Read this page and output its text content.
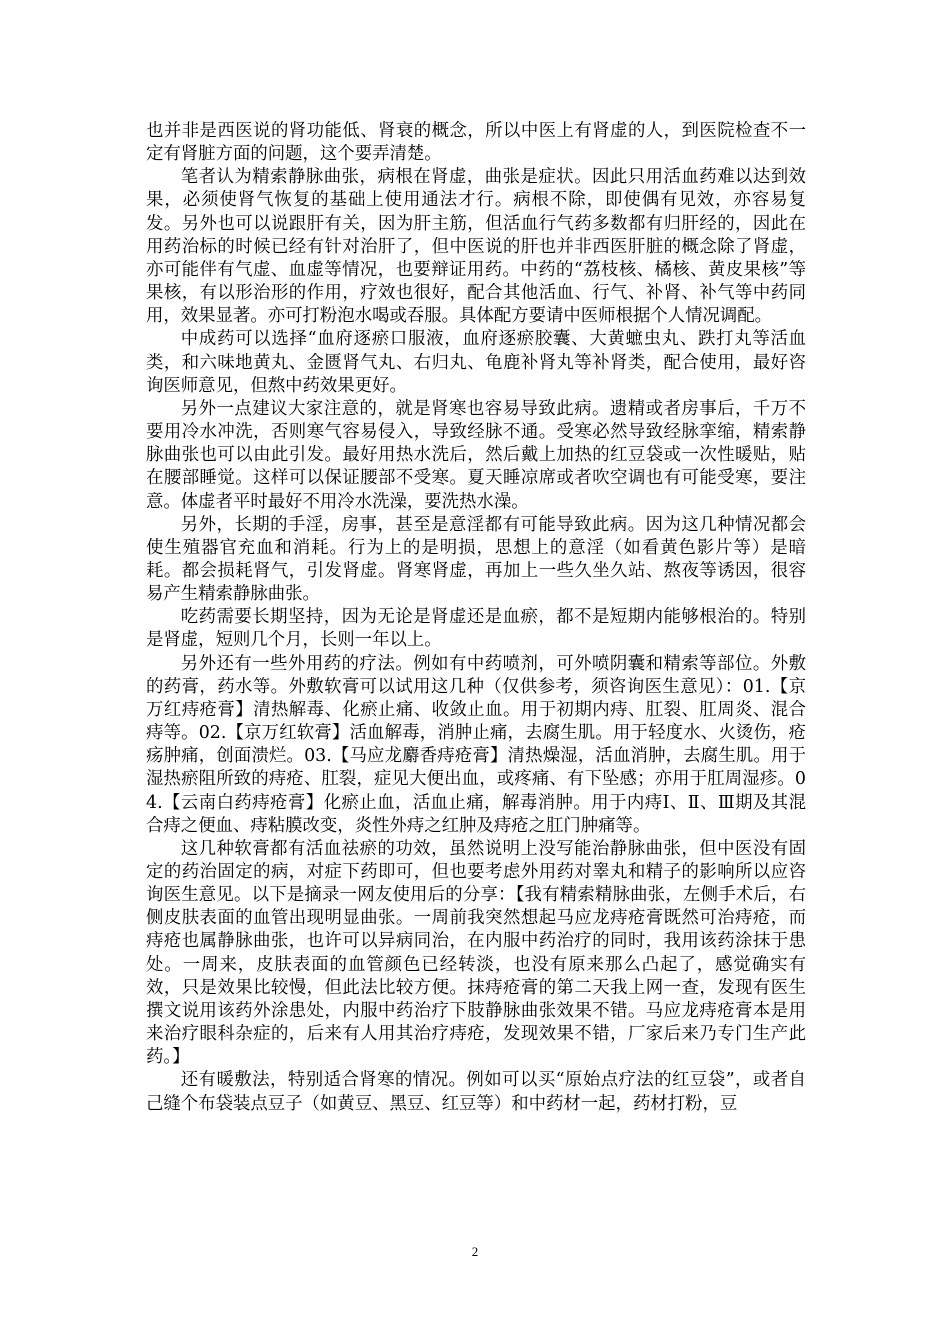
也并非是西医说的肾功能低、肾衰的概念，所以中医上有肾虚的人，到医院检查不一定有肾脏方面的问题，这个要弄清楚。

笔者认为精索静脉曲张，病根在肾虚，曲张是症状。因此只用活血药难以达到效果，必须使肾气恢复的基础上使用通法才行。病根不除，即使偶有见效，亦容易复发。另外也可以说跟肝有关，因为肝主筋，但活血行气药多数都有归肝经的，因此在用药治标的时候已经有针对治肝了，但中医说的肝也并非西医肝脏的概念除了肾虚，亦可能伴有气虚、血虚等情况，也要辩证用药。中药的“荔枝核、橘核、黄皮果核”等果核，有以形治形的作用，疗效也很好，配合其他活血、行气、补肾、补气等中药同用，效果显著。亦可打粉泡水喝或吞服。具体配方要请中医师根据个人情况调配。

中成药可以选择“血府逐瘀口服液，血府逐瘀胶囊、大黄蟅虫丸、跌打丸等活血类，和六味地黄丸、金匮肾气丸、右归丸、龟鹿补肾丸等补肾类，配合使用，最好咨询医师意见，但熬中药效果更好。

另外一点建议大家注意的，就是肾寒也容易导致此病。遗精或者房事后，千万不要用冷水冲洗，否则寒气容易侵入，导致经脉不通。受寒必然导致经脉挛缩，精索静脉曲张也可以由此引发。最好用热水洗后，然后戴上加热的红豆袋或一次性暖贴，贴在腰部睡觉。这样可以保证腰部不受寒。夏天睡凉席或者吹空调也有可能受寒，要注意。体虚者平时最好不用冷水洗澡，要洗热水澡。

另外，长期的手淫，房事，甚至是意淫都有可能导致此病。因为这几种情况都会使生殖器官充血和消耗。行为上的是明损，思想上的意淫（如看黄色影片等）是暗耗。都会损耗肾气，引发肾虚。肾寒肾虚，再加上一些久坐久站、熬夜等诱因，很容易产生精索静脉曲张。

吃药需要长期坚持，因为无论是肾虚还是血瘀，都不是短期内能够根治的。特别是肾虚，短则几个月，长则一年以上。

另外还有一些外用药的疗法。例如有中药喷剂，可外喷阴囊和精索等部位。外敷的药膏，药水等。外敷软膏可以试用这几种（仅供参考，须咨询医生意见）：01.【京万红痔疮膏】清热解毒、化瘀止痛、收敛止血。用于初期内痔、肛裂、肛周炎、混合痔等。02.【京万红软膏】活血解毒，消肿止痛，去腐生肌。用于轻度水、火烫伤，疮疡肿痛，创面溃烂。03.【马应龙麝香痔疮膏】清热燥湿，活血消肿，去腐生肌。用于湿热瘀阻所致的痔疮、肛裂，症见大便出血，或疼痛、有下坠感；亦用于肛周湿疹。04.【云南白药痔疮膏】化瘀止血，活血止痛，解毒消肿。用于内痔Ⅰ、Ⅱ、Ⅲ期及其混合痔之便血、痔粘膜改变，炎性外痔之红肿及痔疮之肛门肿痛等。

这几种软膏都有活血祛瘀的功效，虽然说明上没写能治静脉曲张，但中医没有固定的药治固定的病，对症下药即可，但也要考虑外用药对睾丸和精子的影响所以应咨询医生意见。以下是摘录一网友使用后的分享：【我有精索精脉曲张，左侧手术后，右侧皮肤表面的血管出现明显曲张。一周前我突然想起马应龙痔疮膏既然可治痔疮，而痔疮也属静脉曲张，也许可以异病同治，在内服中药治疗的同时，我用该药涂抹于患处。一周来，皮肤表面的血管颜色已经转淡，也没有原来那么凸起了，感觉确实有效，只是效果比较慢，但此法比较方便。抹痔疮膏的第二天我上网一查，发现有医生撰文说用该药外涂患处，内服中药治疗下肢静脉曲张效果不错。马应龙痔疮膏本是用来治疗眼科杂症的，后来有人用其治疗痔疮，发现效果不错，厂家后来乃专门生产此药。】

还有暖敷法，特别适合肾寒的情况。例如可以买“原始点疗法的红豆袋”，或者自己缝个布袋装点豆子（如黄豆、黑豆、红豆等）和中药材一起，药材打粉，豆

2
